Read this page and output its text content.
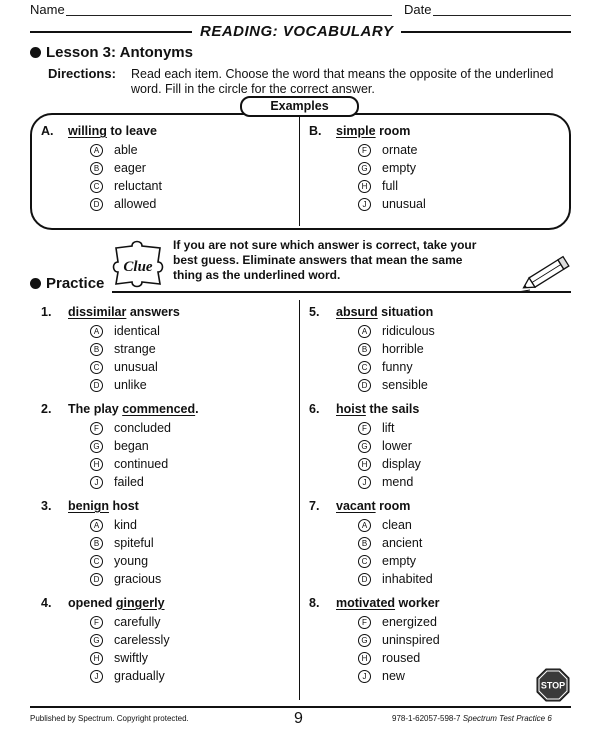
Name	Date
READING: VOCABULARY
Lesson 3: Antonyms
Directions: Read each item. Choose the word that means the opposite of the underlined
word. Fill in the circle for the correct answer.
Examples
A. willing to leave
A	able
B	eager
C reluctant
D allowed
B. simple room
F	ornate
G empty
H full
J	unusual
Clue
If you are not sure which answer is correct, take your
best guess. Eliminate answers that mean the same
thing as the underlined word.
Practice
1. dissimilar answers
A	identical
B	strange
C unusual
D unlike
2. The play commenced.
F	concluded
G began
H continued
J	failed
3. benign host
A	kind
B	spiteful
C young
D gracious
4. opened gingerly
F	carefully
G carelessly
H swiftly
J	gradually
5. absurd situation
A	ridiculous
B	horrible
C funny
D sensible
6. hoist the sails
F	lift
G lower
H display
J	mend
7. vacant room
A	clean
B	ancient
C empty
D inhabited
8. motivated worker
F	energized
G uninspired
H roused
J	new
STOP
Published by Spectrum. Copyright protected.	9	978-1-62057-598-7 Spectrum Test Practice 6
